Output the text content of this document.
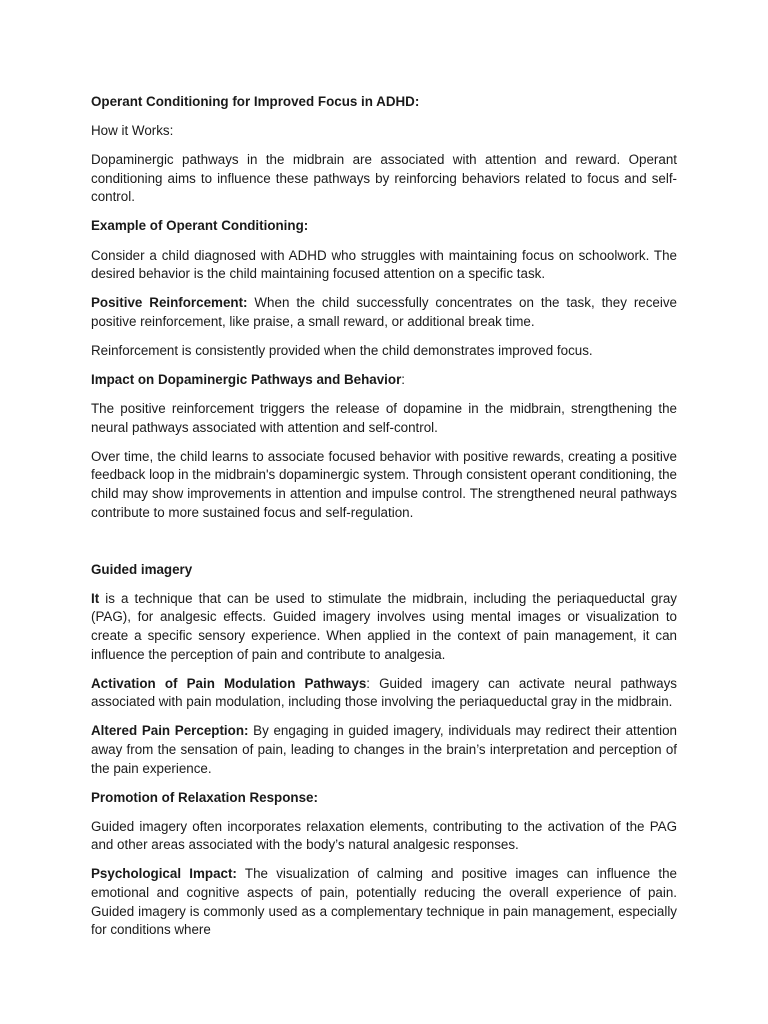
Operant Conditioning for Improved Focus in ADHD:

How it Works:

Dopaminergic pathways in the midbrain are associated with attention and reward. Operant conditioning aims to influence these pathways by reinforcing behaviors related to focus and self-control.

Example of Operant Conditioning:

Consider a child diagnosed with ADHD who struggles with maintaining focus on schoolwork. The desired behavior is the child maintaining focused attention on a specific task.

Positive Reinforcement: When the child successfully concentrates on the task, they receive positive reinforcement, like praise, a small reward, or additional break time.

Reinforcement is consistently provided when the child demonstrates improved focus.

Impact on Dopaminergic Pathways and Behavior:

The positive reinforcement triggers the release of dopamine in the midbrain, strengthening the neural pathways associated with attention and self-control.

Over time, the child learns to associate focused behavior with positive rewards, creating a positive feedback loop in the midbrain's dopaminergic system. Through consistent operant conditioning, the child may show improvements in attention and impulse control. The strengthened neural pathways contribute to more sustained focus and self-regulation.

Guided imagery

It is a technique that can be used to stimulate the midbrain, including the periaqueductal gray (PAG), for analgesic effects. Guided imagery involves using mental images or visualization to create a specific sensory experience. When applied in the context of pain management, it can influence the perception of pain and contribute to analgesia.

Activation of Pain Modulation Pathways: Guided imagery can activate neural pathways associated with pain modulation, including those involving the periaqueductal gray in the midbrain.

Altered Pain Perception: By engaging in guided imagery, individuals may redirect their attention away from the sensation of pain, leading to changes in the brain’s interpretation and perception of the pain experience.

Promotion of Relaxation Response:

Guided imagery often incorporates relaxation elements, contributing to the activation of the PAG and other areas associated with the body’s natural analgesic responses.

Psychological Impact: The visualization of calming and positive images can influence the emotional and cognitive aspects of pain, potentially reducing the overall experience of pain. Guided imagery is commonly used as a complementary technique in pain management, especially for conditions where
